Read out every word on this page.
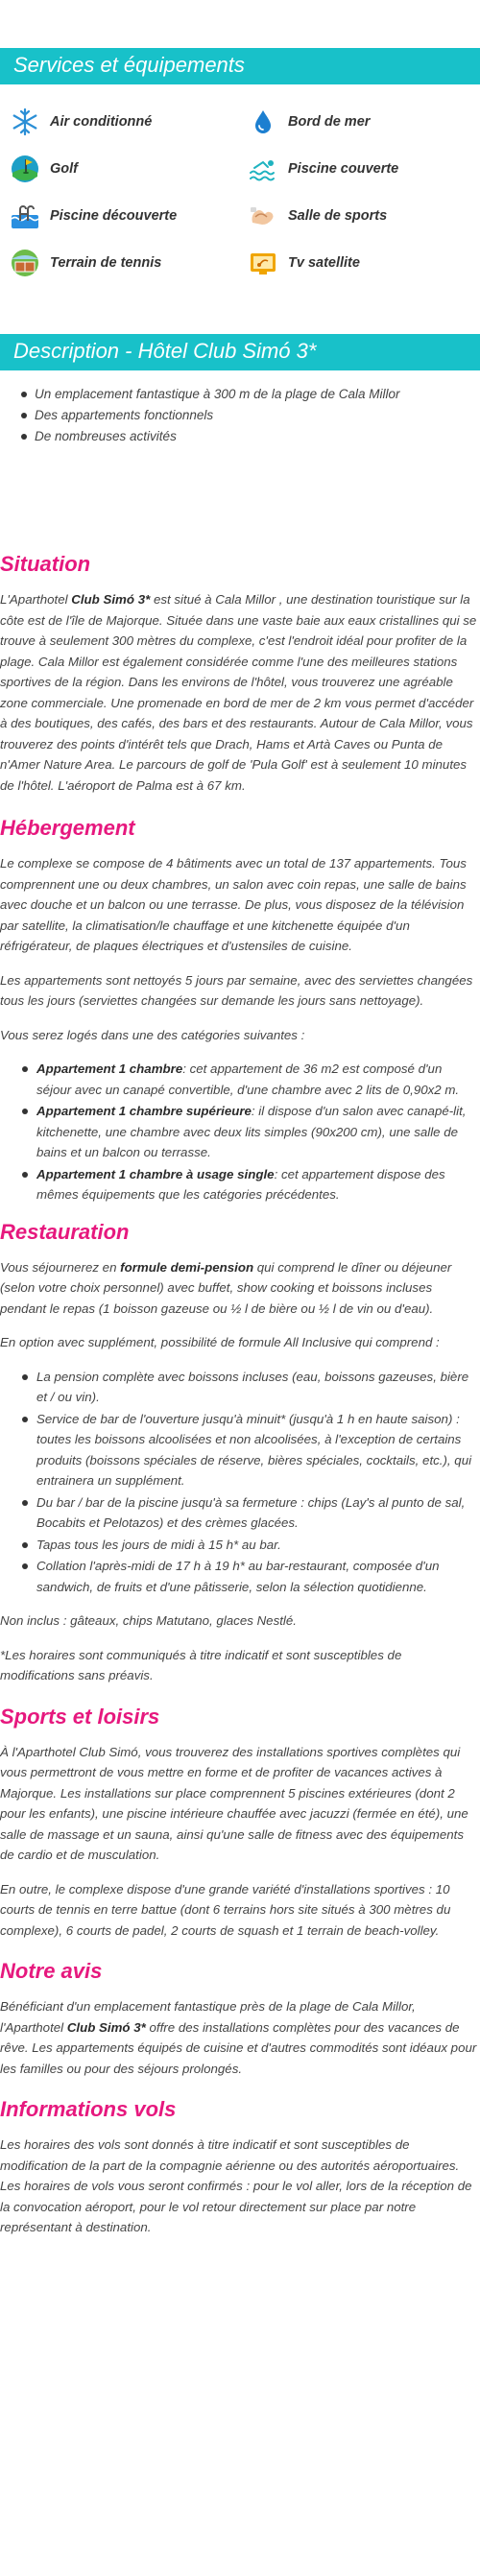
Services et équipements
Air conditionné	Bord de mer
Golf	Piscine couverte
Piscine découverte	Salle de sports
Terrain de tennis	Tv satellite
Description - Hôtel Club Simó 3*
Un emplacement fantastique à 300 m de la plage de Cala Millor
Des appartements fonctionnels
De nombreuses activités
Situation

L'Aparthotel Club Simó 3* est situé à Cala Millor , une destination touristique sur la côte est de l'île de Majorque. Située dans une vaste baie aux eaux cristallines qui se trouve à seulement 300 mètres du complexe, c'est l'endroit idéal pour profiter de la plage. Cala Millor est également considérée comme l'une des meilleures stations sportives de la région. Dans les environs de l'hôtel, vous trouverez une agréable zone commerciale. Une promenade en bord de mer de 2 km vous permet d'accéder à des boutiques, des cafés, des bars et des restaurants. Autour de Cala Millor, vous trouverez des points d'intérêt tels que Drach, Hams et Artà Caves ou Punta de n'Amer Nature Area. Le parcours de golf de 'Pula Golf' est à seulement 10 minutes de l'hôtel. L'aéroport de Palma est à 67 km.

Hébergement

Le complexe se compose de 4 bâtiments avec un total de 137 appartements. Tous comprennent une ou deux chambres, un salon avec coin repas, une salle de bains avec douche et un balcon ou une terrasse. De plus, vous disposez de la télévision par satellite, la climatisation/le chauffage et une kitchenette équipée d'un réfrigérateur, de plaques électriques et d'ustensiles de cuisine.

Les appartements sont nettoyés 5 jours par semaine, avec des serviettes changées tous les jours (serviettes changées sur demande les jours sans nettoyage).

Vous serez logés dans une des catégories suivantes :

Appartement 1 chambre: cet appartement de 36 m2 est composé d'un séjour avec un canapé convertible, d'une chambre avec 2 lits de 0,90x2 m.
Appartement 1 chambre supérieure: il dispose d'un salon avec canapé-lit, kitchenette, une chambre avec deux lits simples (90x200 cm), une salle de bains et un balcon ou terrasse.
Appartement 1 chambre à usage single: cet appartement dispose des mêmes équipements que les catégories précédentes.
Restauration

Vous séjournerez en formule demi-pension qui comprend le dîner ou déjeuner (selon votre choix personnel) avec buffet, show cooking et boissons incluses pendant le repas (1 boisson gazeuse ou ½ l de bière ou ½ l de vin ou d'eau).

En option avec supplément, possibilité de formule All Inclusive qui comprend :

La pension complète avec boissons incluses (eau, boissons gazeuses, bière et / ou vin).
Service de bar de l'ouverture jusqu'à minuit* (jusqu'à 1 h en haute saison) : toutes les boissons alcoolisées et non alcoolisées, à l'exception de certains produits (boissons spéciales de réserve, bières spéciales, cocktails, etc.), qui entrainera un supplément.
Du bar / bar de la piscine jusqu'à sa fermeture : chips (Lay's al punto de sal, Bocabits et Pelotazos) et des crèmes glacées.
Tapas tous les jours de midi à 15 h* au bar.
Collation l'après-midi de 17 h à 19 h* au bar-restaurant, composée d'un sandwich, de fruits et d'une pâtisserie, selon la sélection quotidienne.

Non inclus : gâteaux, chips Matutano, glaces Nestlé.

*Les horaires sont communiqués à titre indicatif et sont susceptibles de modifications sans préavis.

Sports et loisirs

À l'Aparthotel Club Simó, vous trouverez des installations sportives complètes qui vous permettront de vous mettre en forme et de profiter de vacances actives à Majorque. Les installations sur place comprennent 5 piscines extérieures (dont 2 pour les enfants), une piscine intérieure chauffée avec jacuzzi (fermée en été), une salle de massage et un sauna, ainsi qu'une salle de fitness avec des équipements de cardio et de musculation.

En outre, le complexe dispose d'une grande variété d'installations sportives : 10 courts de tennis en terre battue (dont 6 terrains hors site situés à 300 mètres du complexe), 6 courts de padel, 2 courts de squash et 1 terrain de beach-volley.

Notre avis

Bénéficiant d'un emplacement fantastique près de la plage de Cala Millor, l'Aparthotel Club Simó 3* offre des installations complètes pour des vacances de rêve. Les appartements équipés de cuisine et d'autres commodités sont idéaux pour les familles ou pour des séjours prolongés.

Informations vols

Les horaires des vols sont donnés à titre indicatif et sont susceptibles de modification de la part de la compagnie aérienne ou des autorités aéroportuaires.

Les horaires de vols vous seront confirmés : pour le vol aller, lors de la réception de la convocation aéroport, pour le vol retour directement sur place par notre représentant à destination.
